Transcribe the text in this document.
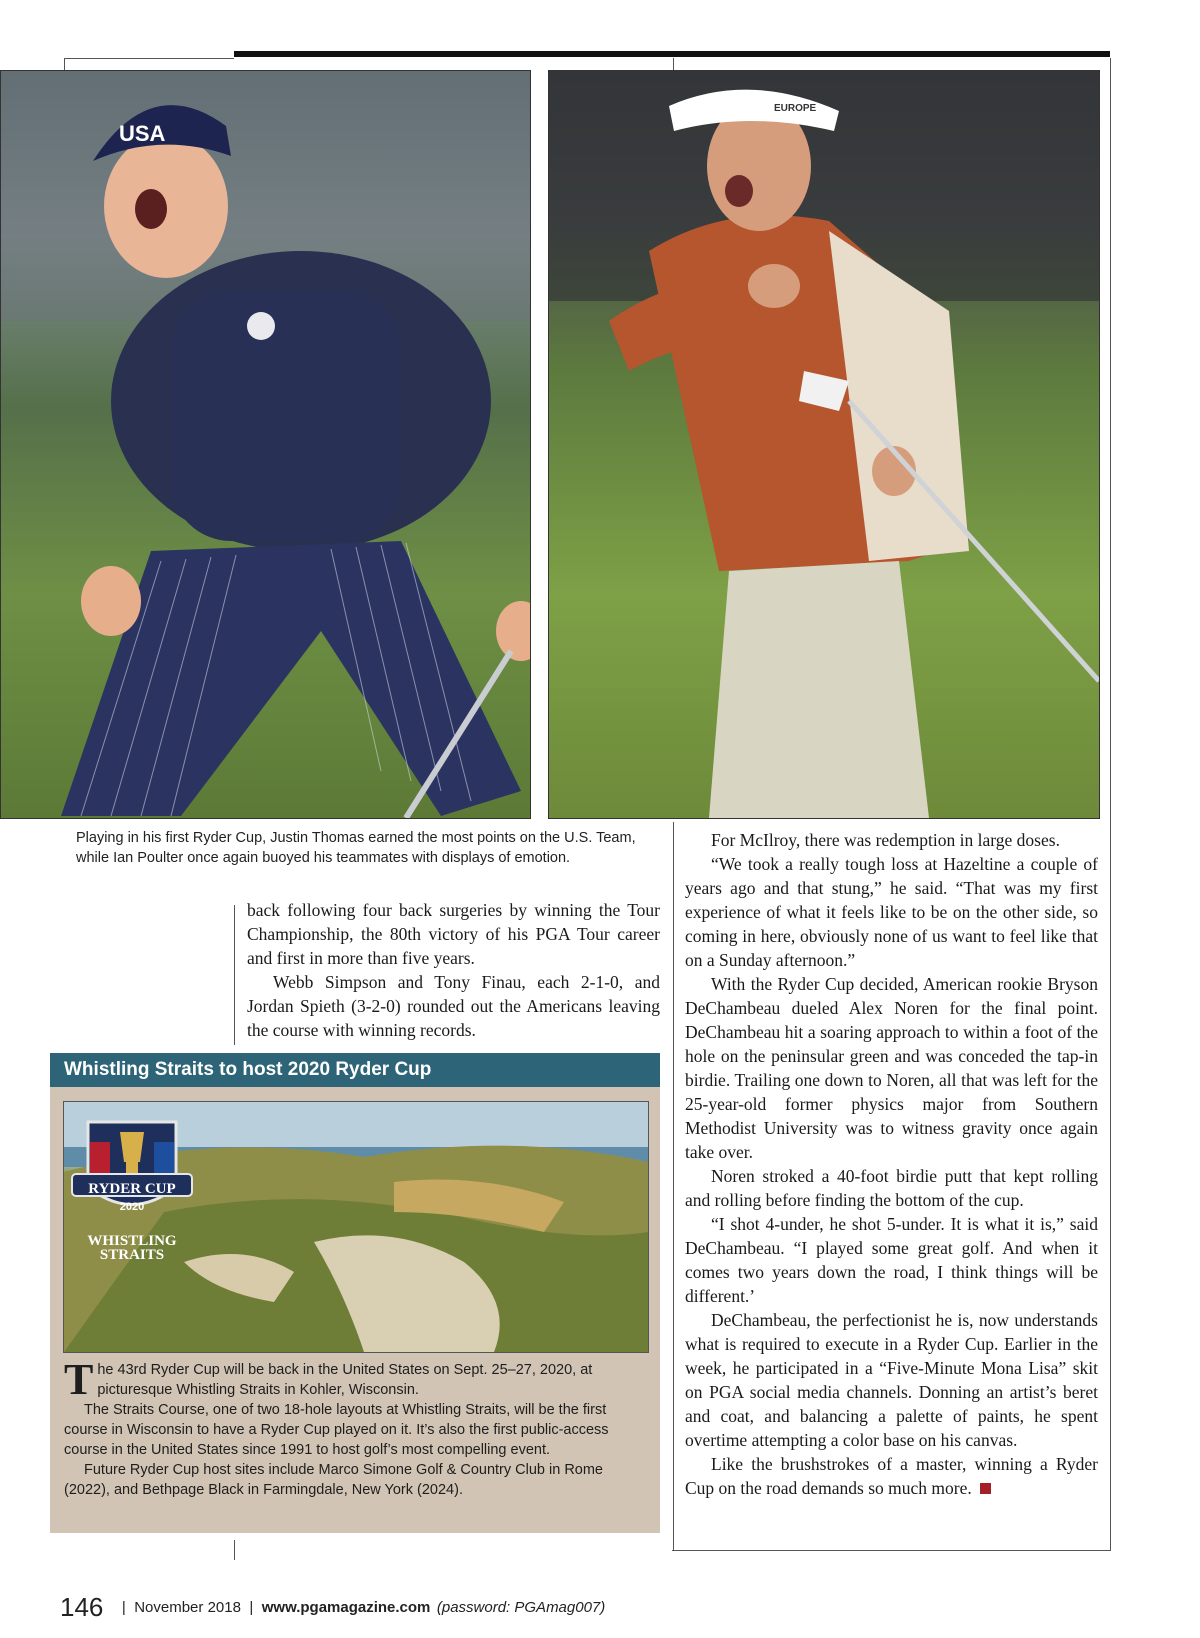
USA
EUROPE
Playing in his first Ryder Cup, Justin Thomas earned the most points on the U.S. Team, while Ian Poulter once again buoyed his teammates with displays of emotion.

back following four back surgeries by winning the Tour Championship, the 80th victory of his PGA Tour career and first in more than five years.

Webb Simpson and Tony Finau, each 2-1-0, and Jordan Spieth (3-2-0) rounded out the Americans leaving the course with winning records.

For McIlroy, there was redemption in large doses.

“We took a really tough loss at Hazeltine a couple of years ago and that stung,” he said. “That was my first experience of what it feels like to be on the other side, so coming in here, obviously none of us want to feel like that on a Sunday afternoon.”

With the Ryder Cup decided, American rookie Bryson DeChambeau dueled Alex Noren for the final point. DeChambeau hit a soaring approach to within a foot of the hole on the peninsular green and was conceded the tap-in birdie. Trailing one down to Noren, all that was left for the 25-year-old former physics major from Southern Methodist University was to witness gravity once again take over.

Noren stroked a 40-foot birdie putt that kept rolling and rolling before finding the bottom of the cup.

“I shot 4-under, he shot 5-under. It is what it is,” said DeChambeau. “I played some great golf. And when it comes two years down the road, I think things will be different.’

DeChambeau, the perfectionist he is, now understands what is required to execute in a Ryder Cup. Earlier in the week, he participated in a “Five-Minute Mona Lisa” skit on PGA social media channels. Donning an artist’s beret and coat, and balancing a palette of paints, he spent overtime attempting a color base on his canvas.

Like the brushstrokes of a master, winning a Ryder Cup on the road demands so much more.

Whistling Straits to host 2020 Ryder Cup
RYDER CUP
2020
WHISTLING STRAITS

The 43rd Ryder Cup will be back in the United States on Sept. 25–27, 2020, at picturesque Whistling Straits in Kohler, Wisconsin.

The Straits Course, one of two 18-hole layouts at Whistling Straits, will be the first course in Wisconsin to have a Ryder Cup played on it. It’s also the first public-access course in the United States since 1991 to host golf’s most compelling event.

Future Ryder Cup host sites include Marco Simone Golf & Country Club in Rome (2022), and Bethpage Black in Farmingdale, New York (2024).

146 | November 2018 | www.pgamagazine.com (password: PGAmag007)
